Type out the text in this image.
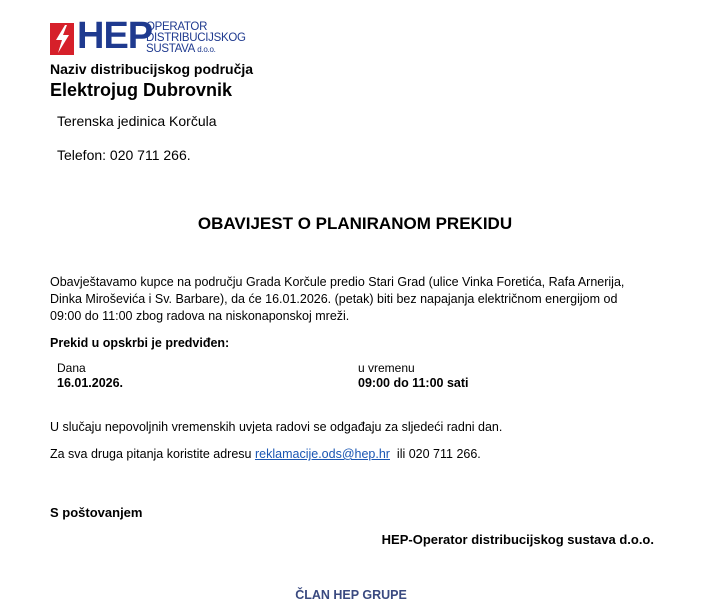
HEP
OPERATOR
DISTRIBUCIJSKOG
SUSTAVA d.o.o.
Naziv distribucijskog područja
Elektrojug Dubrovnik
Terenska jedinica Korčula
Telefon: 020 711 266.
OBAVIJEST O PLANIRANOM PREKIDU
Obavještavamo kupce na području Grada Korčule predio Stari Grad (ulice Vinka Foretića, Rafa Arnerija,
Dinka Miroševića i Sv. Barbare), da će 16.01.2026. (petak) biti bez napajanja električnom energijom od
09:00 do 11:00 zbog radova na niskonaponskoj mreži.
Prekid u opskrbi je predviđen:
Dana
16.01.2026.
u vremenu
09:00 do 11:00 sati
U slučaju nepovoljnih vremenskih uvjeta radovi se odgađaju za sljedeći radni dan.
Za sva druga pitanja koristite adresu reklamacije.ods@hep.hr ili 020 711 266.
S poštovanjem
HEP-Operator distribucijskog sustava d.o.o.
ČLAN HEP GRUPE
